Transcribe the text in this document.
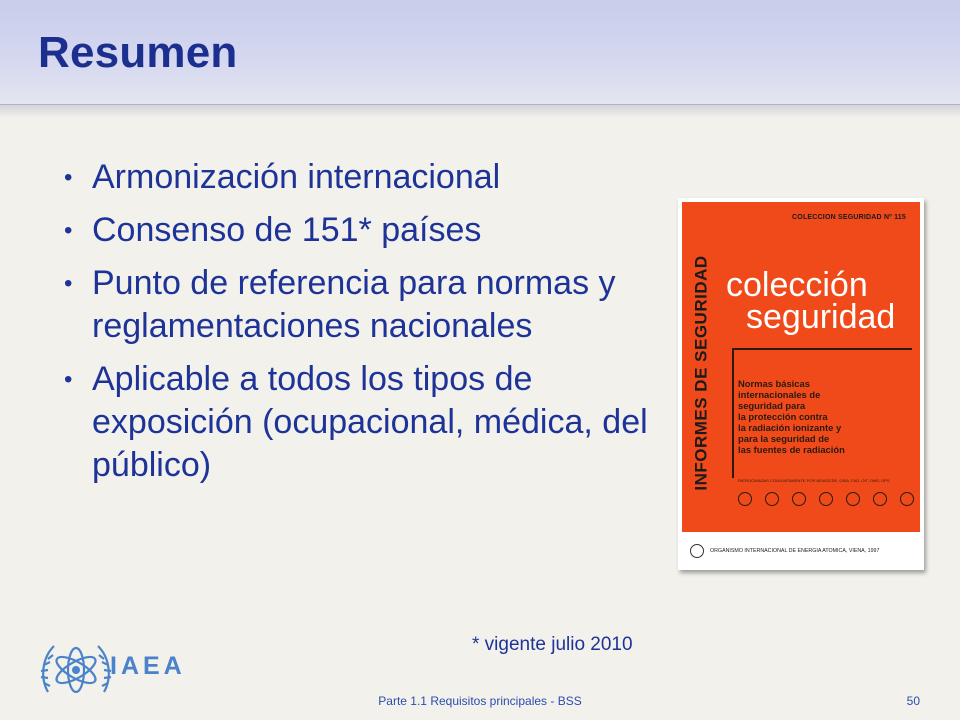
Resumen
• Armonización internacional
• Consenso de 151* países
• Punto de referencia para normas y reglamentaciones nacionales
• Aplicable a todos los tipos de exposición (ocupacional, médica, del público)
COLECCION SEGURIDAD Nº 115
INFORMES DE SEGURIDAD colección
seguridad
Normas básicas
internacionales de
seguridad para
la protección contra
la radiación ionizante y
para la seguridad de
las fuentes de radiación
PATROCINADAS CONJUNTAMENTE POR AEN/OCDE, OIEA, FAO, OIT, OMS, OPS
ORGANISMO INTERNACIONAL DE ENERGIA ATOMICA, VIENA, 1997
* vigente julio 2010
IAEA
Parte 1.1 Requisitos principales - BSS	50
